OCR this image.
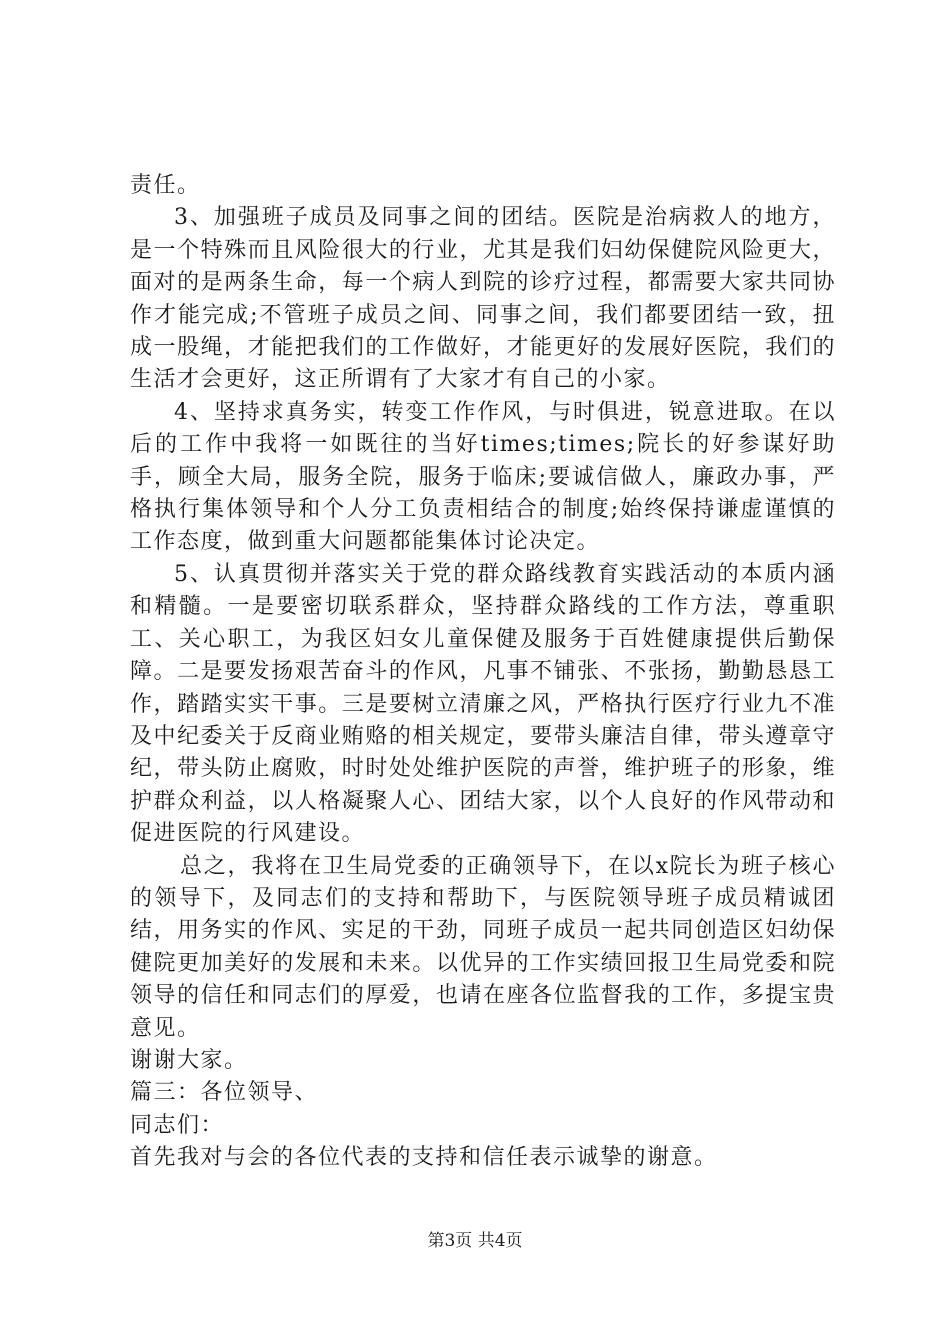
责任。

3、加强班子成员及同事之间的团结。医院是治病救人的地方，是一个特殊而且风险很大的行业，尤其是我们妇幼保健院风险更大，面对的是两条生命，每一个病人到院的诊疗过程，都需要大家共同协作才能完成;不管班子成员之间、同事之间，我们都要团结一致，扭成一股绳，才能把我们的工作做好，才能更好的发展好医院，我们的生活才会更好，这正所谓有了大家才有自己的小家。

4、坚持求真务实，转变工作作风，与时俱进，锐意进取。在以后的工作中我将一如既往的当好times;times;院长的好参谋好助手，顾全大局，服务全院，服务于临床;要诚信做人，廉政办事，严格执行集体领导和个人分工负责相结合的制度;始终保持谦虚谨慎的工作态度，做到重大问题都能集体讨论决定。

5、认真贯彻并落实关于党的群众路线教育实践活动的本质内涵和精髓。一是要密切联系群众，坚持群众路线的工作方法，尊重职工、关心职工，为我区妇女儿童保健及服务于百姓健康提供后勤保障。二是要发扬艰苦奋斗的作风，凡事不铺张、不张扬，勤勤恳恳工作，踏踏实实干事。三是要树立清廉之风，严格执行医疗行业九不准及中纪委关于反商业贿赂的相关规定，要带头廉洁自律，带头遵章守纪，带头防止腐败，时时处处维护医院的声誉，维护班子的形象，维护群众利益，以人格凝聚人心、团结大家，以个人良好的作风带动和促进医院的行风建设。

总之，我将在卫生局党委的正确领导下，在以x院长为班子核心的领导下，及同志们的支持和帮助下，与医院领导班子成员精诚团结，用务实的作风、实足的干劲，同班子成员一起共同创造区妇幼保健院更加美好的发展和未来。以优异的工作实绩回报卫生局党委和院领导的信任和同志们的厚爱，也请在座各位监督我的工作，多提宝贵意见。

谢谢大家。

篇三：各位领导、

同志们：

首先我对与会的各位代表的支持和信任表示诚挚的谢意。

第3页 共4页
